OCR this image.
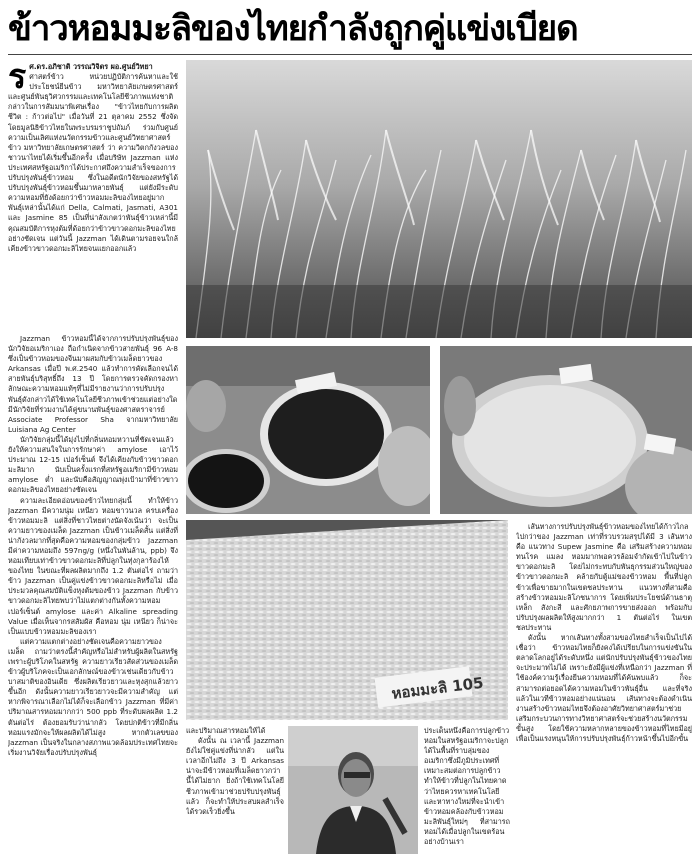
ข้าวหอมมะลิของไทยกำลังถูกคู่แข่งเบียด
ร ศ.ดร.อภิชาติ วรรณวิจิตร ผอ.ศูนย์วิทยา

ศาสตร์ข้าว หน่วยปฏิบัติการค้นหาและใช้ประโยชน์ยีนข้าว มหาวิทยาลัยเกษตรศาสตร์ และศูนย์พันธุวิศวกรรมและเทคโนโลยีชีวภาพแห่งชาติ กล่าวในการสัมมนาพิเศษเรื่อง "ข้าวไทยกับการผลิตชีวิต : ก้าวต่อไป" เมื่อวันที่ 21 ตุลาคม 2552 ซึ่งจัดโดยมูลนิธิข้าวไทยในพระบรมราชูปถัมภ์ ร่วมกับศูนย์ความเป็นเลิศแห่งนวัตกรรมข้าวและศูนย์วิทยาศาสตร์ข้าว มหาวิทยาลัยเกษตรศาสตร์ ว่า ความวิตกกังวลของชาวนาไทยได้เริ่มขึ้นอีกครั้ง เมื่อบริษัท Jazzman แห่งประเทศสหรัฐอเมริกาได้ประกาศถึงความสำเร็จของการปรับปรุงพันธุ์ข้าวหอม ซึ่งในอดีตนักวิจัยของสหรัฐได้ปรับปรุงพันธุ์ข้าวหอมขึ้นมาหลายพันธุ์ แต่ยังมีระดับความหอมที่ยังด้อยกว่าข้าวหอมมะลิของไทยอยู่มาก พันธุ์เหล่านั้นได้แก่ Della, Calmati, Jasmati, A301 และ Jasmine 85 เป็นที่น่าสังเกตว่าพันธุ์ข้าวเหล่านี้มีคุณสมบัติการหุงต้มที่ด้อยกว่าข้าวขาวดอกมะลิของไทยอย่างชัดเจน แต่วันนี้ Jazzman ได้เดินตามรอยจนใกล้เคียงข้าวขาวดอกมะลิไทยจนแยกออกแล้ว

Jazzman ข้าวหอมนี้ได้จากการปรับปรุงพันธุ์ของนักวิจัยอเมริกาเอง ถือกำเนิดจากข้าวสายพันธุ์ 96 A-8 ซึ่งเป็นข้าวหอมของจีนมาผสมกับข้าวเมล็ดยาวของ Arkansas เมื่อปี พ.ศ.2540 แล้วทำการคัดเลือกจนได้สายพันธุ์บริสุทธิ์ถึง 13 ปี โดยการตรวจคัดกรองหาลักษณะความหอมแท้ๆที่ไม่มีรายงานว่าการปรับปรุงพันธุ์ดังกล่าวได้ใช้เทคโนโลยีชีวภาพเข้าช่วยแต่อย่างใด มีนักวิจัยที่ร่วมงานได้คู่ขนานพันธุ์ของศาสตราจารย์ Associate Professor Sha จากมหาวิทยาลัย Luisiana Ag Center

นักวิจัยกลุ่มนี้ได้มุ่งไปที่กลิ่นหอมหวานที่ชัดเจนแล้ว ยังให้ความสนใจในการรักษาค่า amylose เอาไว้ประมาณ 12-15 เปอร์เซ็นต์ จึงได้เคียงกับข้าวขาวดอกมะลิมาก นับเป็นครั้งแรกที่สหรัฐอเมริกามีข้าวหอม amylose ต่ำ และนับคือสัญญาณพุ่งเป้ามาที่ข้าวขาวดอกมะลิของไทยอย่างชัดเจน

ความละเอียดอ่อนของข้าวไทยกลุ่มนี้ ทำให้ข้าว Jazzman มีความนุ่ม เหนียว หอมขาวนวล ครบเครื่องข้าวหอมมะลิ แต่สิ่งที่ชาวไทยต่างนัดจังเน้นว่า จะเป็นความยาวของเมล็ด Jazzman เป็นข้าวเมล็ดสั้น แต่สิ่งที่น่ากังวลมากที่สุดคือความหอมของกลุ่มข้าว Jazzman มีค่าความหอมถึง 597ng/g (หนึ่งในพันล้าน, ppb) จึงหอมเทียบเท่าข้าวขาวดอกมะลิที่ปลูกในทุ่งกุลาร้องไห้ของไทย ในขณะที่ผลผลิตมากถึง 1.2 ตันต่อไร่ ถามว่าข้าว Jazzman เป็นคู่แข่งข้าวขาวดอกมะลิหรือไม่ เมื่อประมวลคุณสมบัติแข็งหุงต้มของข้าว Jazzman กับข้าวขาวดอกมะลิไทยพบว่าไม่แตกต่างกันทั้งความหอม เปอร์เซ็นต์ amylose และค่า Alkaline spreading Value เมื่อเห็นจากรสสัมผัส คือหอม นุ่ม เหนียว ก็น่าจะเป็นแบบข้าวหอมมะลิของเรา

แต่ความแตกต่างอย่างชัดเจนคือความยาวของเมล็ด ถามว่าตรงนี้สำคัญหรือไม่สำหรับผู้ผลิตในสหรัฐ เพราะผู้บริโภคในสหรัฐ ความยาวเรียวสัดส่วนของเมล็ดข้าวผู้บริโภคจะเป็นเอกลักษณ์ของข้าวเช่นเดียวกับข้าวบาสมาติของอินเดีย ซึ่งผลิตเรียวยาวและหุงสุกแล้วยาวขึ้นอีก ดังนั้นความยาวเรียวยาวจะมีความสำคัญ แต่หากพิจารณาเลือกไม่ได้ก็จะเลือกข้าว Jazzman ที่มีค่าปริมาณสารหอมมากกว่า 500 ppb ที่ระดับผลผลิต 1.2 ตันต่อไร่ ต้องยอมรับว่าน่ากลัว โดยปกติข้าวที่มีกลิ่นหอมแรงมักจะให้ผลผลิตได้ไม่สูง หากตัวเลขของ Jazzman เป็นจริงในกลางสภาพแวดล้อมประเทศไทยจะเริ่มงานวิจัยเรื่องปรับปรุงพันธุ์

หอมมะลิ 105

เส้นทางการปรับปรุงพันธุ์ข้าวหอมของไทยได้ก้าวไกลไปกว่าของ Jazzman เท่าที่รวบรวมสรุปได้มี 3 เส้นทาง คือ แนวทาง Supew Jasmine คือ เสริมสร้างความหอมทนโรค แมลง หอมมากพอควรล้อมจำกัดเข้าไปในข้าวขาวดอกมะลิ โดยไม่กระทบกับพันธุกรรมส่วนใหญ่ของข้าวขาวดอกมะลิ คล้ายกับตู้แม่ของข้าวหอม พื้นที่ปลูกข้าวเพื่อขายมากในเขตชลประทาน แนวทางที่สามคือสร้างข้าวหอมมะลิโภชนาการ โดยเพิ่มประโยชน์ด้านธาตุเหล็ก สังกะสี และศักยภาพการขายส่งออก พร้อมกับปรับปรุงผลผลิตให้สูงมากกว่า 1 ตันต่อไร่ ในเขตชลประทาน

ดังนั้น หากเส้นทางทั้งสามของไทยสำเร็จเป็นไปได้ เชื่อว่า ข้าวหอมไทยก็ยังคงได้เปรียบในการแข่งขันในตลาดโลกอยู่ได้ระดับหนึ่ง แต่นักปรับปรุงพันธุ์ข้าวของไทยจะประมาทไม่ได้ เพราะยังมีผู้แข่งที่เหนือกว่า Jazzman ที่ใช้องค์ความรู้เรื่องยีนความหอมที่ได้ค้นพบแล้ว ก็จะสามารถต่อยอดได้ความหอมในข้าวพันธุ์อื่น และที่จริงแล้วในเวทีข้าวหอมอย่างแน่นอน เส้นทางจะต้องดำเนินงานสร้างข้าวหอมไทยจึงต้องอาศัยวิทยาศาสตร์มาช่วยเสริมกระบวนการทางวิทยาศาสตร์จะช่วยสร้างนวัตกรรมขั้นสูง โดยใช้ความหลากหลายของข้าวหอมที่ไทยมีอยู่ เพื่อเป็นแรงหนุนให้การปรับปรุงพันธุ์ก้าวหน้าขึ้นไปอีกขั้น

และปริมาณสารหอมให้ได้

ดังนั้น ณ เวลานี้ Jazzman ยังไม่ใช่คู่แข่งที่น่ากลัว แต่ในเวลาอีกไม่ถึง 3 ปี Arkansas น่าจะมีข้าวหอมที่เมล็ดยาวกว่านี้ได้ไม่ยาก ยิ่งถ้าใช้เทคโนโลยีชีวภาพเข้ามาช่วยปรับปรุงพันธุ์แล้ว ก็จะทำให้ประสบผลสำเร็จได้รวดเร็วยิ่งขึ้น

ประเด็นหนึ่งคือการปลูกข้าวหอมในสหรัฐอเมริกาจะปลูกได้ในพื้นที่ราบลุ่มของอเมริกาซึ่งมีภูมิประเทศที่เหมาะสมต่อการปลูกข้าว ทำให้ข้าวที่ปลูกในไทยคาดว่าไทยควรหาเทคโนโลยีและหาทางใหม่ที่จะนำเข้าข้าวหอมคล้องกับข้าวหอมมะลิพันธุ์ใหม่ๆ ที่สามารถหอมได้เมื่อปลูกในเขตร้อนอย่างบ้านเรา
